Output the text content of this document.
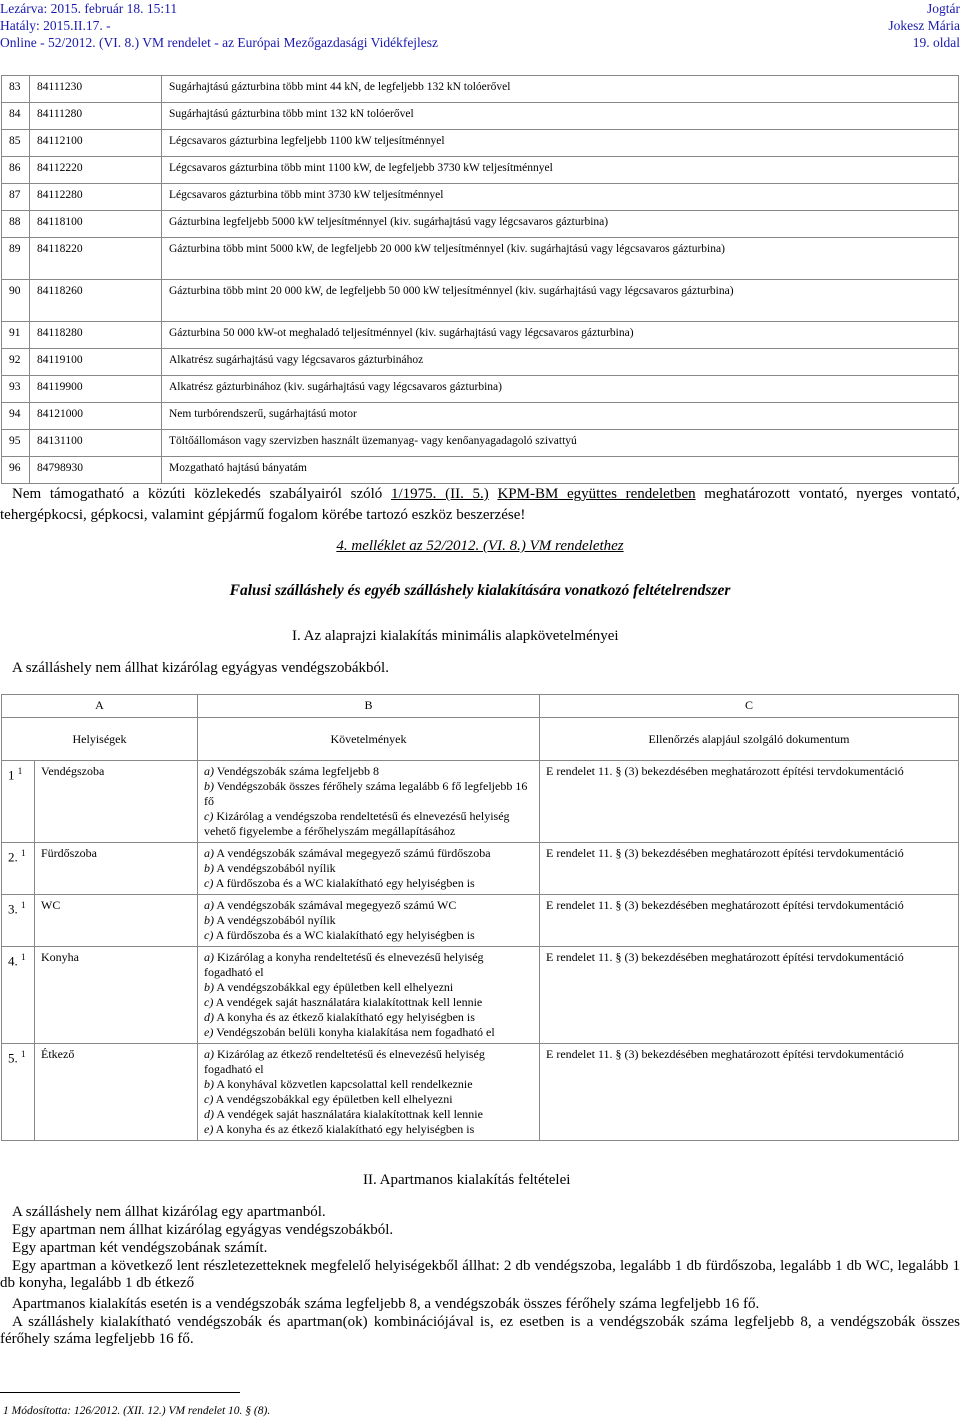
Lezárva: 2015. február 18. 15:11
Hatály: 2015.II.17. -
Online - 52/2012. (VI. 8.) VM rendelet - az Európai Mezőgazdasági Vidékfejlesz
Jogtár
Jokesz Mária
19. oldal
83	84111230	Sugárhajtású gázturbina több mint 44 kN, de legfeljebb 132 kN tolóerővel
84	84111280	Sugárhajtású gázturbina több mint 132 kN tolóerővel
85	84112100	Légcsavaros gázturbina legfeljebb 1100 kW teljesítménnyel
86	84112220	Légcsavaros gázturbina több mint 1100 kW, de legfeljebb 3730 kW teljesítménnyel
87	84112280	Légcsavaros gázturbina több mint 3730 kW teljesítménnyel
88	84118100	Gázturbina legfeljebb 5000 kW teljesítménnyel (kiv. sugárhajtású vagy légcsavaros gázturbina)
89	84118220	Gázturbina több mint 5000 kW, de legfeljebb 20 000 kW teljesítménnyel (kiv. sugárhajtású vagy légcsavaros gázturbina)
90	84118260	Gázturbina több mint 20 000 kW, de legfeljebb 50 000 kW teljesítménnyel (kiv. sugárhajtású vagy légcsavaros gázturbina)
91	84118280	Gázturbina 50 000 kW-ot meghaladó teljesítménnyel (kiv. sugárhajtású vagy légcsavaros gázturbina)
92	84119100	Alkatrész sugárhajtású vagy légcsavaros gázturbinához
93	84119900	Alkatrész gázturbinához (kiv. sugárhajtású vagy légcsavaros gázturbina)
94	84121000	Nem turbórendszerű, sugárhajtású motor
95	84131100	Töltőállomáson vagy szervizben használt üzemanyag- vagy kenőanyagadagoló szivattyú
96	84798930	Mozgatható hajtású bányatám
Nem támogatható a közúti közlekedés szabályairól szóló 1/1975. (II. 5.) KPM-BM együttes rendeletben meghatározott vontató, nyerges vontató, tehergépkocsi, gépkocsi, valamint gépjármű fogalom körébe tartozó eszköz beszerzése!
4. melléklet az 52/2012. (VI. 8.) VM rendelethez
Falusi szálláshely és egyéb szálláshely kialakítására vonatkozó feltételrendszer
I. Az alaprajzi kialakítás minimális alapkövetelményei
A szálláshely nem állhat kizárólag egyágyas vendégszobákból.
A		B	C
Helyiségek		Követelmények	Ellenőrzés alapjául szolgáló dokumentum
1 $^1$	Vendégszoba	a) Vendégszobák száma legfeljebb 8
b) Vendégszobák összes férőhely száma legalább 6 fő legfeljebb 16 fő
c) Kizárólag a vendégszoba rendeltetésű és elnevezésű helyiség vehető figyelembe a férőhelyszám megállapításához	E rendelet 11. § (3) bekezdésében meghatározott építési tervdokumentáció
2. $^1$	Fürdőszoba	a) A vendégszobák számával megegyező számú fürdőszoba
b) A vendégszobából nyílik
c) A fürdőszoba és a WC kialakítható egy helyiségben is	E rendelet 11. § (3) bekezdésében meghatározott építési tervdokumentáció
3. $^1$	WC	a) A vendégszobák számával megegyező számú WC
b) A vendégszobából nyílik
c) A fürdőszoba és a WC kialakítható egy helyiségben is	E rendelet 11. § (3) bekezdésében meghatározott építési tervdokumentáció
4. $^1$	Konyha	a) Kizárólag a konyha rendeltetésű és elnevezésű helyiség fogadható el
b) A vendégszobákkal egy épületben kell elhelyezni
c) A vendégek saját használatára kialakítottnak kell lennie
d) A konyha és az étkező kialakítható egy helyiségben is
e) Vendégszobán belüli konyha kialakítása nem fogadható el	E rendelet 11. § (3) bekezdésében meghatározott építési tervdokumentáció
5. $^1$	Étkező	a) Kizárólag az étkező rendeltetésű és elnevezésű helyiség fogadható el
b) A konyhával közvetlen kapcsolattal kell rendelkeznie
c) A vendégszobákkal egy épületben kell elhelyezni
d) A vendégek saját használatára kialakítottnak kell lennie
e) A konyha és az étkező kialakítható egy helyiségben is	E rendelet 11. § (3) bekezdésében meghatározott építési tervdokumentáció
II. Apartmanos kialakítás feltételei
A szálláshely nem állhat kizárólag egy apartmanból.
Egy apartman nem állhat kizárólag egyágyas vendégszobákból.
Egy apartman két vendégszobának számít.
Egy apartman a következő lent részletezetteknek megfelelő helyiségekből állhat: 2 db vendégszoba, legalább 1 db fürdőszoba, legalább 1 db WC, legalább 1 db konyha, legalább 1 db étkező
Apartmanos kialakítás esetén is a vendégszobák száma legfeljebb 8, a vendégszobák összes férőhely száma legfeljebb 16 fő.
A szálláshely kialakítható vendégszobák és apartman(ok) kombinációjával is, ez esetben is a vendégszobák száma legfeljebb 8, a vendégszobák összes férőhely száma legfeljebb 16 fő.
1 Módosította: 126/2012. (XII. 12.) VM rendelet 10. § (8).
